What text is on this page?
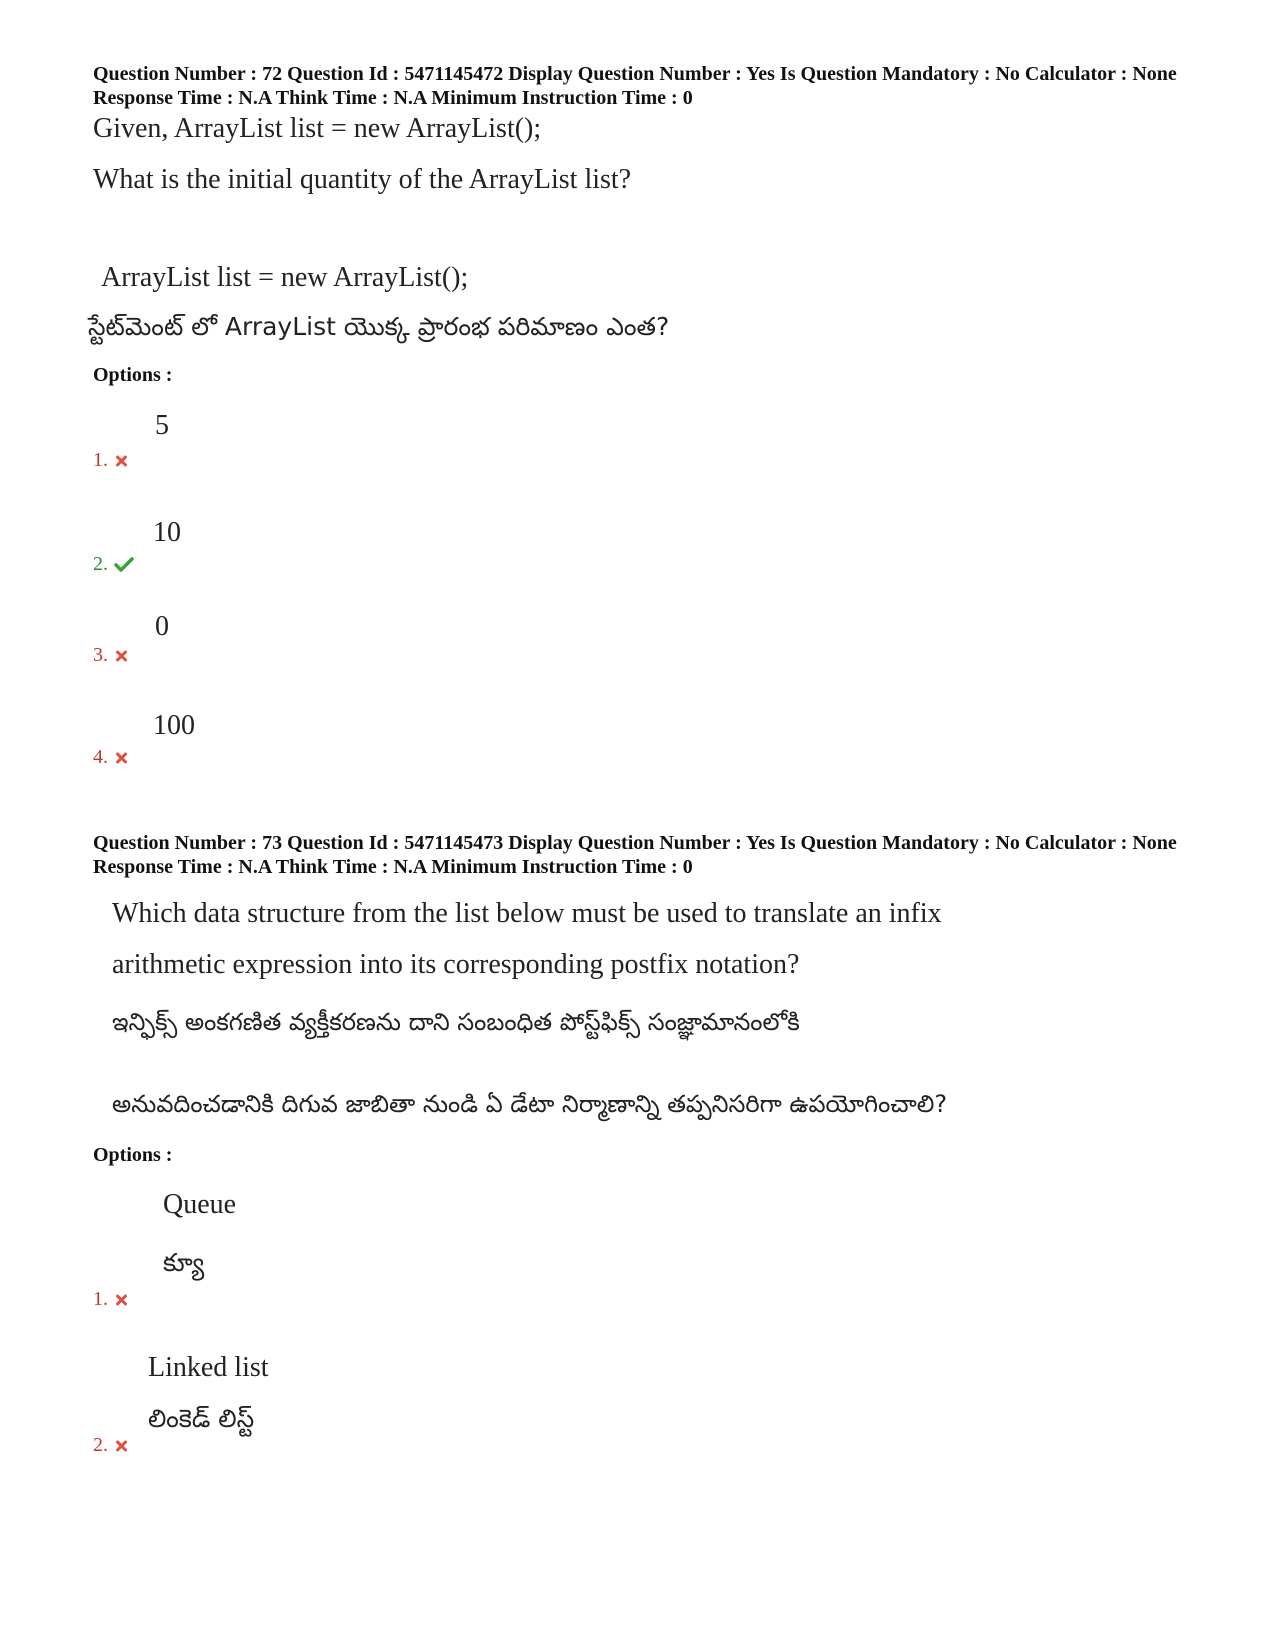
Question Number : 72 Question Id : 5471145472 Display Question Number : Yes Is Question Mandatory : No Calculator : None Response Time : N.A Think Time : N.A Minimum Instruction Time : 0
Given, ArrayList list = new ArrayList();
What is the initial quantity of the ArrayList list?
ArrayList list = new ArrayList();
స్టేట్‌మెంట్ లో ArrayList యొక్క ప్రారంభ పరిమాణం ఎంత?
Options :
5
1.
10
2.
0
3.
100
4.
Question Number : 73 Question Id : 5471145473 Display Question Number : Yes Is Question Mandatory : No Calculator : None Response Time : N.A Think Time : N.A Minimum Instruction Time : 0
Which data structure from the list below must be used to translate an infix
arithmetic expression into its corresponding postfix notation?
ఇన్ఫిక్స్ అంకగణిత వ్యక్తీకరణను దాని సంబంధిత పోస్ట్‌ఫిక్స్ సంజ్ఞామానంలోకి
అనువదించడానికి దిగువ జాబితా నుండి ఏ డేటా నిర్మాణాన్ని తప్పనిసరిగా ఉపయోగించాలి?
Options :
Queue
క్యూ
1.
Linked list
లింకెడ్ లిస్ట్
2.
